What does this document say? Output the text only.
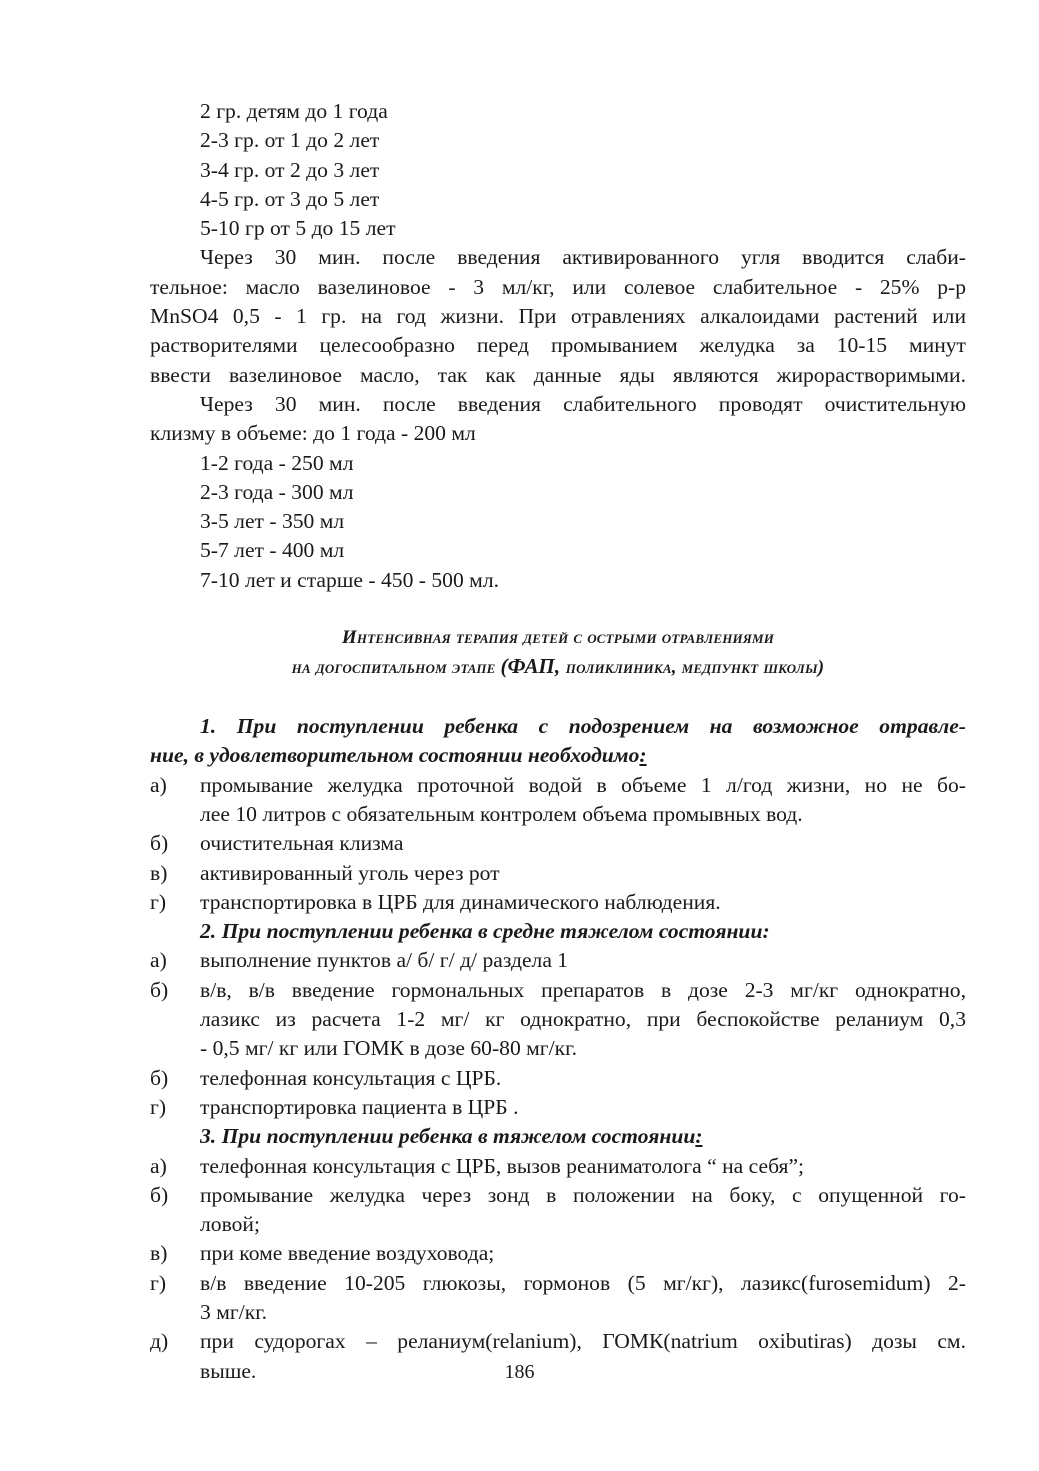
2 гр. детям до 1 года
2-3 гр. от 1 до 2 лет
3-4 гр. от 2 до 3 лет
4-5 гр. от 3 до 5 лет
5-10 гр от 5 до 15 лет
Через 30 мин. после введения активированного угля вводится слаби-
тельное: масло вазелиновое - 3 мл/кг, или солевое слабительное - 25% р-р
MnSO4 0,5 - 1 гр. на год жизни. При отравлениях алкалоидами растений или
растворителями целесообразно перед промыванием желудка за 10-15 минут
ввести вазелиновое масло, так как данные яды являются жирорастворимыми.
Через 30 мин. после введения слабительного проводят очистительную
клизму в объеме: до 1 года - 200 мл
1-2 года - 250 мл
2-3 года - 300 мл
3-5 лет - 350 мл
5-7 лет - 400 мл
7-10 лет и старше - 450 - 500 мл.
Интенсивная терапия детей с острыми отравлениями
на догоспитальном этапе (ФАП, поликлиника, медпункт школы)
1. При поступлении ребенка с подозрением на возможное отравле-
ние, в удовлетворительном состоянии необходимо:
а)	промывание желудка проточной водой в объеме 1 л/год жизни, но не бо-
лее 10 литров с обязательным контролем объема промывных вод.
б)	очистительная клизма
в)	активированный уголь через рот
г)	транспортировка в ЦРБ для динамического наблюдения.
2. При поступлении ребенка в средне тяжелом состоянии:
а)	выполнение пунктов а/ б/ г/ д/ раздела 1
б)	в/в, в/в введение гормональных препаратов в дозе 2-3 мг/кг однократно,
лазикс из расчета 1-2 мг/ кг однократно, при беспокойстве реланиум 0,3
- 0,5 мг/ кг или ГОМК в дозе 60-80 мг/кг.
б)	телефонная консультация с ЦРБ.
г)	транспортировка пациента в ЦРБ .
3. При поступлении ребенка в тяжелом состоянии:
а)	телефонная консультация с ЦРБ, вызов реаниматолога “ на себя”;
б)	промывание желудка через зонд в положении на боку, с опущенной го-
ловой;
в)	при коме введение воздуховода;
г)	в/в введение 10-205 глюкозы, гормонов (5 мг/кг), лазикс(furosemidum) 2-
3 мг/кг.
д)	при судорогах – реланиум(relanium), ГОМК(natrium oxibutiras) дозы см.
выше.	186
